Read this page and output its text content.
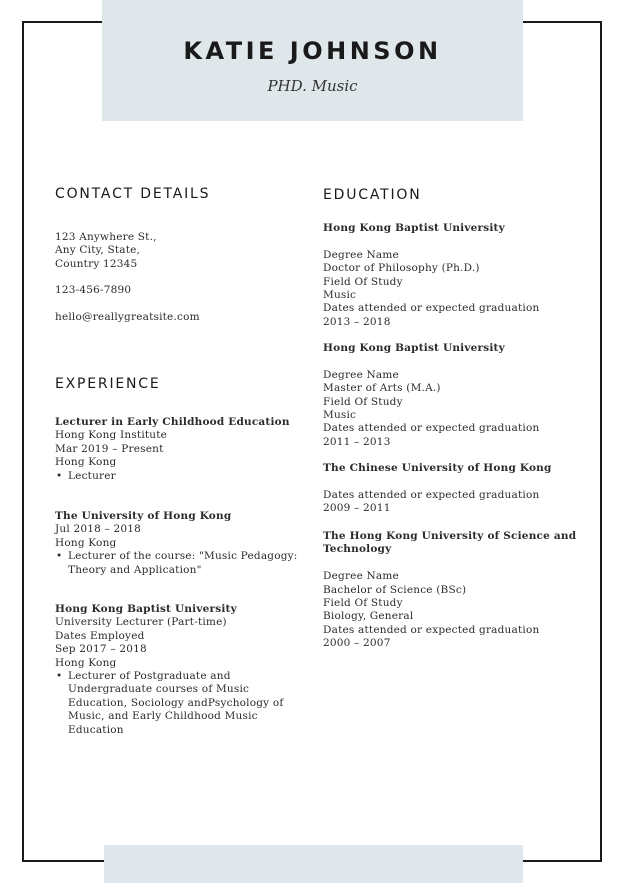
KATIE JOHNSON
PHD. Music
CONTACT DETAILS	EDUCATION
EXPERIENCE
123 Anywhere St.,
Any City, State,
Country 12345
123-456-7890
hello@reallygreatsite.com
Lecturer in Early Childhood Education
Hong Kong Institute
Mar 2019 – Present
Hong Kong
• Lecturer
The University of Hong Kong
Jul 2018 – 2018
Hong Kong
• Lecturer of the course: "Music Pedagogy:
Theory and Application"
Hong Kong Baptist University
University Lecturer (Part-time)
Dates Employed
Sep 2017 – 2018
Hong Kong
• Lecturer of Postgraduate and
Undergraduate courses of Music
Education, Sociology andPsychology of
Music, and Early Childhood Music
Education
Hong Kong Baptist University
Degree Name
Doctor of Philosophy (Ph.D.)
Field Of Study
Music
Dates attended or expected graduation
2013 – 2018
Hong Kong Baptist University
Degree Name
Master of Arts (M.A.)
Field Of Study
Music
Dates attended or expected graduation
2011 – 2013
The Chinese University of Hong Kong
Dates attended or expected graduation
2009 – 2011
The Hong Kong University of Science and
Technology
Degree Name
Bachelor of Science (BSc)
Field Of Study
Biology, General
Dates attended or expected graduation
2000 – 2007
